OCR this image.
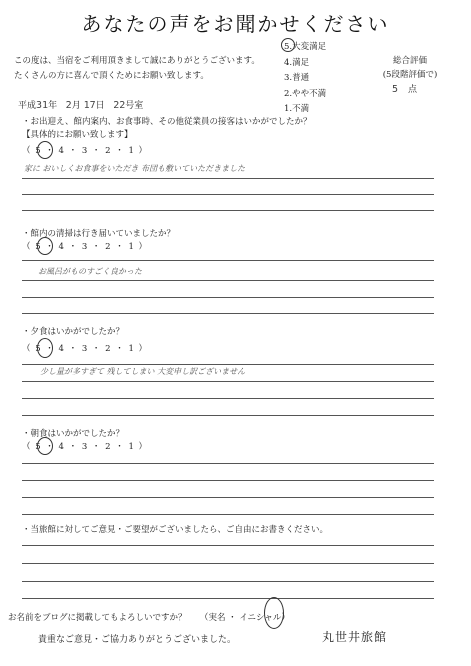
あなたの声をお聞かせください
この度は、当宿をご利用頂きまして誠にありがとうございます。
たくさんの方に喜んで頂くためにお願い致します。
5.大変満足
4.満足
3.普通
2.やや不満
1.不満
総合評価
(5段階評価で)
5 点
平成31年 2月 17日 22号室
・お出迎え、館内案内、お食事時、その他従業員の接客はいかがでしたか？
【具体的にお願い致します】
（ 5 ・ 4 ・ 3 ・ 2 ・ 1 ）
家に おいしくお食事をいただき 布団も敷いていただきました
・館内の清掃は行き届いていましたか？
（ 5 ・ 4 ・ 3 ・ 2 ・ 1 ）
お風呂がものすごく良かった
・夕食はいかがでしたか？
（ 5 ・ 4 ・ 3 ・ 2 ・ 1 ）
少し量が多すぎて 残してしまい 大変申し訳ございません
・朝食はいかがでしたか？
（ 5 ・ 4 ・ 3 ・ 2 ・ 1 ）
・当旅館に対してご意見・ご要望がございましたら、ご自由にお書きください。
お名前をブログに掲載してもよろしいですか？ （実名 ・ イニシャル）
貴重なご意見・ご協力ありがとうございました。	丸世井旅館
